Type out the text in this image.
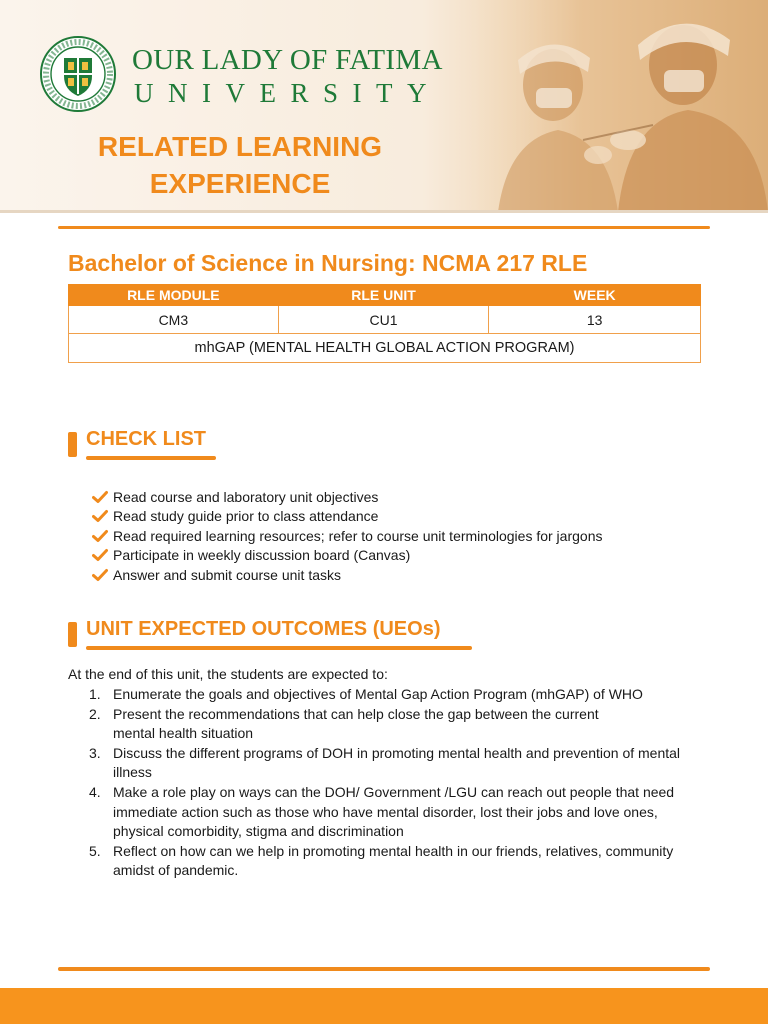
OUR LADY OF FATIMA
UNIVERSITY
RELATED LEARNING
EXPERIENCE
Bachelor of Science in Nursing: NCMA 217 RLE
RLE MODULE	RLE UNIT	WEEK
CM3	CU1	13
mhGAP (MENTAL HEALTH GLOBAL ACTION PROGRAM)		
CHECK LIST
Read course and laboratory unit objectives
Read study guide prior to class attendance
Read required learning resources; refer to course unit terminologies for jargons
Participate in weekly discussion board (Canvas)
Answer and submit course unit tasks
UNIT EXPECTED OUTCOMES (UEOs)
At the end of this unit, the students are expected to:
1. Enumerate the goals and objectives of Mental Gap Action Program (mhGAP) of WHO
2. Present the recommendations that can help close the gap between the current
mental health situation
3. Discuss the different programs of DOH in promoting mental health and prevention of mental
illness
4. Make a role play on ways can the DOH/ Government /LGU can reach out people that need
immediate action such as those who have mental disorder, lost their jobs and love ones,
physical comorbidity, stigma and discrimination
5. Reflect on how can we help in promoting mental health in our friends, relatives, community
amidst of pandemic.
